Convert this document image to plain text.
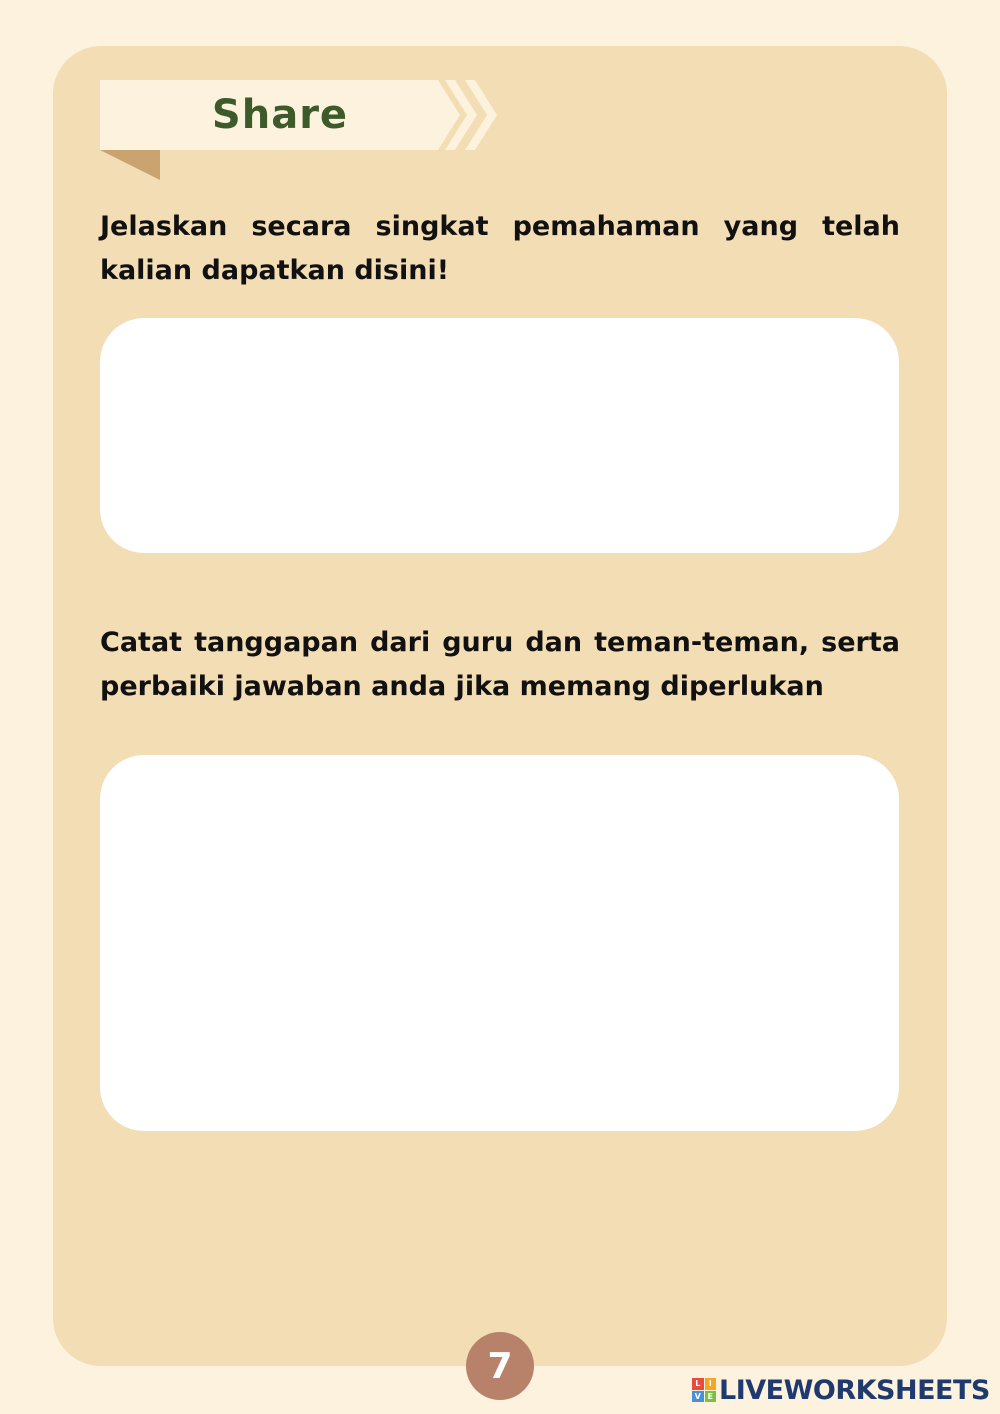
Share

Jelaskan secara singkat pemahaman yang telah kalian dapatkan disini!

Catat tanggapan dari guru dan teman-teman, serta perbaiki jawaban anda jika memang diperlukan

7	L	I
V E LIVEWORKSHEETS
